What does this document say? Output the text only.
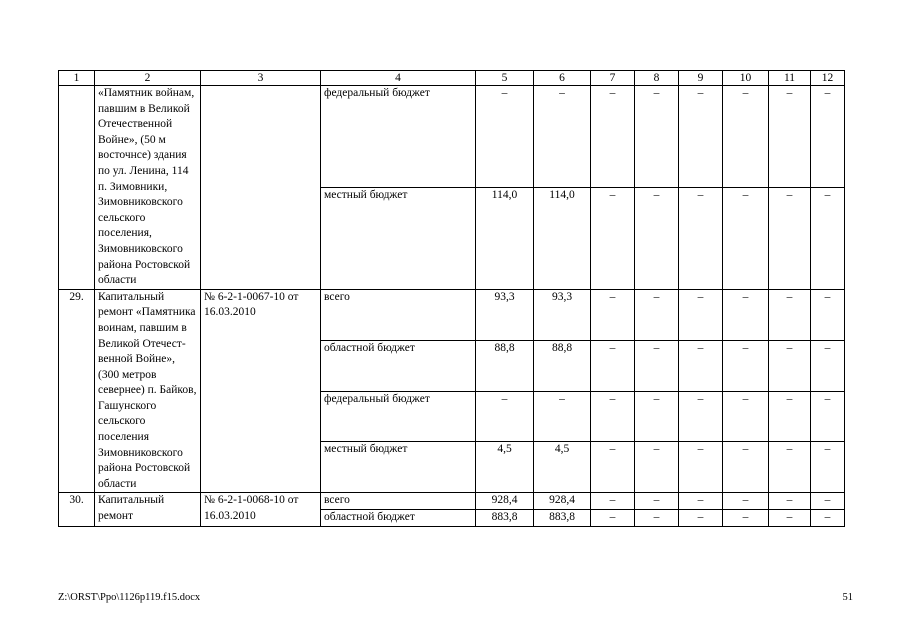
1	2	3	4	5	6	7	8	9	10	11	12
	«Памятник войнам, павшим в Великой Отечественной Войне», (50 м восточнсе) здания по ул. Ленина, 114 п. Зимовники, Зимовниковского сельского поселения, Зимовниковского района Ростовской области		федеральный бюджет	–	–	–	–	–	–	–	–
			местный бюджет	114,0	114,0	–	–	–	–	–	–
29.	Капитальный ремонт «Памятника воинам, павшим в Великой Отечест-венной Войне», (300 метров севернее) п. Байков, Гашунского сельского поселения Зимовниковского района Ростовской области	№ 6-2-1-0067-10 от 16.03.2010	всего	93,3	93,3	–	–	–	–	–	–
			областной бюджет	88,8	88,8	–	–	–	–	–	–
			федеральный бюджет	–	–	–	–	–	–	–	–
			местный бюджет	4,5	4,5	–	–	–	–	–	–
30.	Капитальный ремонт	№ 6-2-1-0068-10 от 16.03.2010	всего	928,4	928,4	–	–	–	–	–	–
			областной бюджет	883,8	883,8	–	–	–	–	–	–
Z:\ORST\Ppo\1126p119.f15.docx	51
